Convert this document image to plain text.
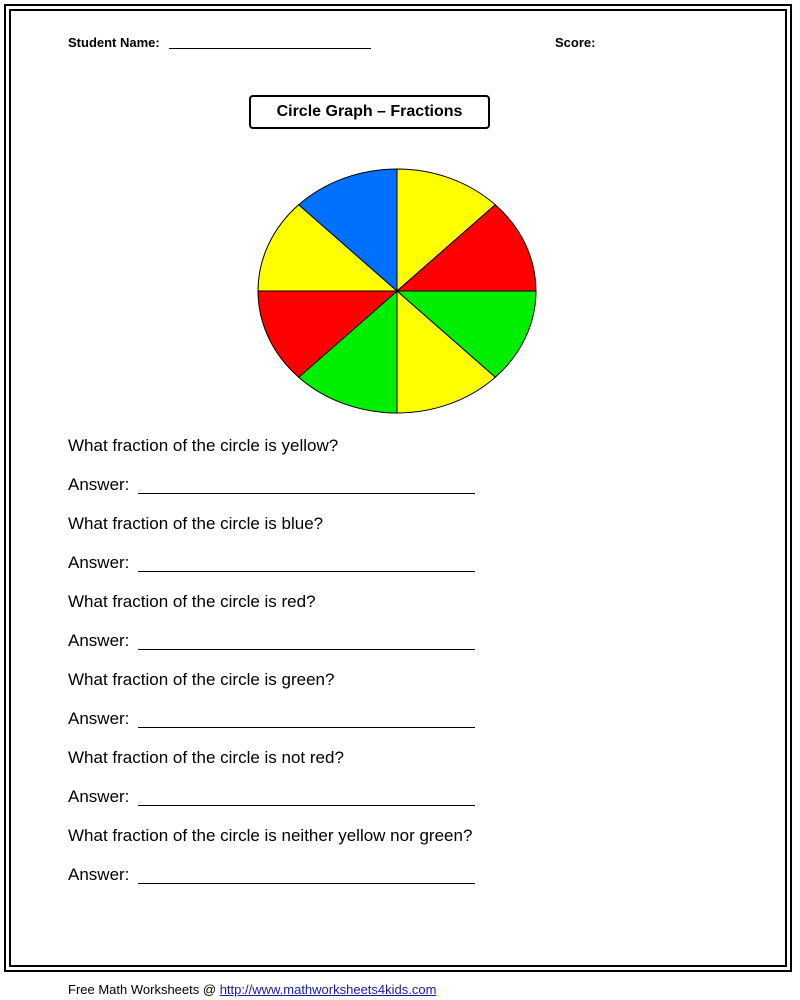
Student Name:	Score:
Circle Graph – Fractions
What fraction of the circle is yellow?
Answer:
What fraction of the circle is blue?
Answer:
What fraction of the circle is red?
Answer:
What fraction of the circle is green?
Answer:
What fraction of the circle is not red?
Answer:
What fraction of the circle is neither yellow nor green?
Answer:
Free Math Worksheets @ http://www.mathworksheets4kids.com
